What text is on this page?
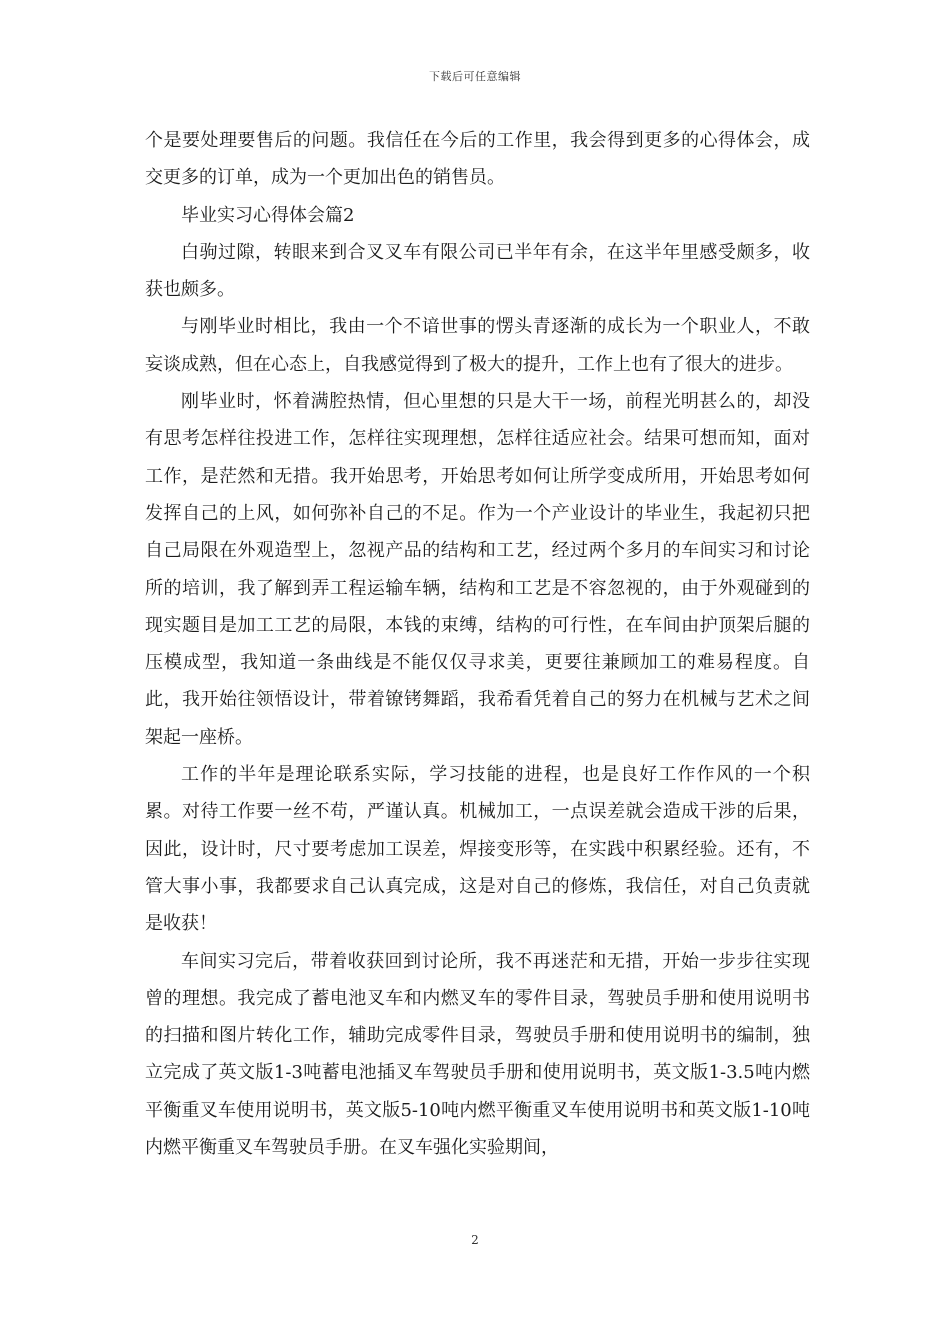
下载后可任意编辑

个是要处理要售后的问题。我信任在今后的工作里，我会得到更多的心得体会，成交更多的订单，成为一个更加出色的销售员。

毕业实习心得体会篇2

白驹过隙，转眼来到合叉叉车有限公司已半年有余，在这半年里感受颇多，收获也颇多。

与刚毕业时相比，我由一个不谙世事的愣头青逐渐的成长为一个职业人，不敢妄谈成熟，但在心态上，自我感觉得到了极大的提升，工作上也有了很大的进步。

刚毕业时，怀着满腔热情，但心里想的只是大干一场，前程光明甚么的，却没有思考怎样往投进工作，怎样往实现理想，怎样往适应社会。结果可想而知，面对工作，是茫然和无措。我开始思考，开始思考如何让所学变成所用，开始思考如何发挥自己的上风，如何弥补自己的不足。作为一个产业设计的毕业生，我起初只把自己局限在外观造型上，忽视产品的结构和工艺，经过两个多月的车间实习和讨论所的培训，我了解到弄工程运输车辆，结构和工艺是不容忽视的，由于外观碰到的现实题目是加工工艺的局限，本钱的束缚，结构的可行性，在车间由护顶架后腿的压模成型，我知道一条曲线是不能仅仅寻求美，更要往兼顾加工的难易程度。自此，我开始往领悟设计，带着镣铐舞蹈，我希看凭着自己的努力在机械与艺术之间架起一座桥。

工作的半年是理论联系实际，学习技能的进程，也是良好工作作风的一个积累。对待工作要一丝不苟，严谨认真。机械加工，一点误差就会造成干涉的后果，因此，设计时，尺寸要考虑加工误差，焊接变形等，在实践中积累经验。还有，不管大事小事，我都要求自己认真完成，这是对自己的修炼，我信任，对自己负责就是收获！

车间实习完后，带着收获回到讨论所，我不再迷茫和无措，开始一步步往实现曾的理想。我完成了蓄电池叉车和内燃叉车的零件目录，驾驶员手册和使用说明书的扫描和图片转化工作，辅助完成零件目录，驾驶员手册和使用说明书的编制，独立完成了英文版1-3吨蓄电池插叉车驾驶员手册和使用说明书，英文版1-3.5吨内燃平衡重叉车使用说明书，英文版5-10吨内燃平衡重叉车使用说明书和英文版1-10吨内燃平衡重叉车驾驶员手册。在叉车强化实验期间，

2
